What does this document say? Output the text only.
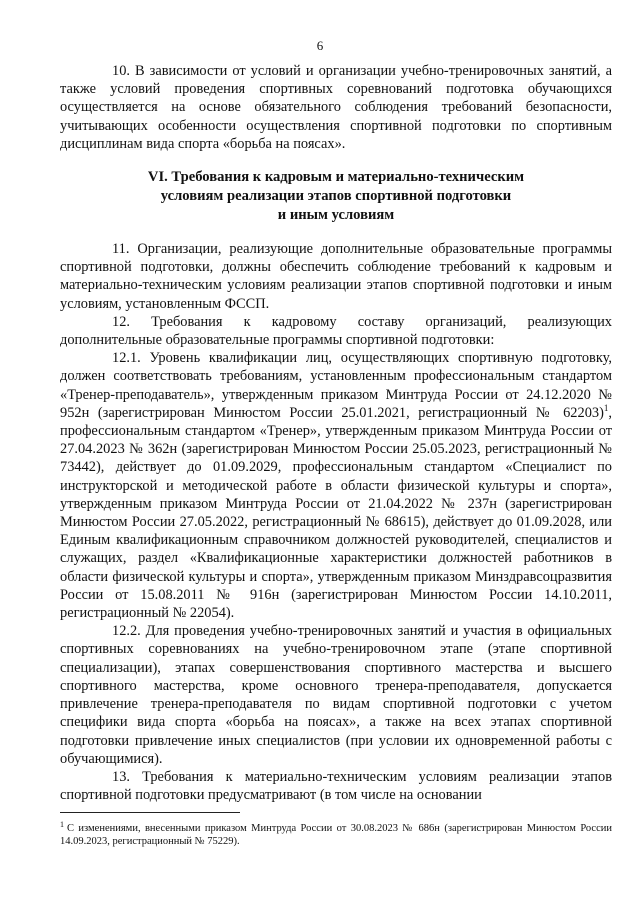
6

10. В зависимости от условий и организации учебно-тренировочных занятий, а также условий проведения спортивных соревнований подготовка обучающихся осуществляется на основе обязательного соблюдения требований безопасности, учитывающих особенности осуществления спортивной подготовки по спортивным дисциплинам вида спорта «борьба на поясах».

VI. Требования к кадровым и материально-техническим
условиям реализации этапов спортивной подготовки
и иным условиям

11. Организации, реализующие дополнительные образовательные программы спортивной подготовки, должны обеспечить соблюдение требований к кадровым и материально-техническим условиям реализации этапов спортивной подготовки и иным условиям, установленным ФССП.

12. Требования к кадровому составу организаций, реализующих дополнительные образовательные программы спортивной подготовки:

12.1. Уровень квалификации лиц, осуществляющих спортивную подготовку, должен соответствовать требованиям, установленным профессиональным стандартом «Тренер-преподаватель», утвержденным приказом Минтруда России от 24.12.2020 № 952н (зарегистрирован Минюстом России 25.01.2021, регистрационный № 62203)$^1$, профессиональным стандартом «Тренер», утвержденным приказом Минтруда России от 27.04.2023 № 362н (зарегистрирован Минюстом России 25.05.2023, регистрационный № 73442), действует до 01.09.2029, профессиональным стандартом «Специалист по инструкторской и методической работе в области физической культуры и спорта», утвержденным приказом Минтруда России от 21.04.2022 № 237н (зарегистрирован Минюстом России 27.05.2022, регистрационный № 68615), действует до 01.09.2028, или Единым квалификационным справочником должностей руководителей, специалистов и служащих, раздел «Квалификационные характеристики должностей работников в области физической культуры и спорта», утвержденным приказом Минздравсоцразвития России от 15.08.2011 № 916н (зарегистрирован Минюстом России 14.10.2011, регистрационный № 22054).

12.2. Для проведения учебно-тренировочных занятий и участия в официальных спортивных соревнованиях на учебно-тренировочном этапе (этапе спортивной специализации), этапах совершенствования спортивного мастерства и высшего спортивного мастерства, кроме основного тренера-преподавателя, допускается привлечение тренера-преподавателя по видам спортивной подготовки с учетом специфики вида спорта «борьба на поясах», а также на всех этапах спортивной подготовки привлечение иных специалистов (при условии их одновременной работы с обучающимися).

13. Требования к материально-техническим условиям реализации этапов спортивной подготовки предусматривают (в том числе на основании

$^1$ С изменениями, внесенными приказом Минтруда России от 30.08.2023 № 686н (зарегистрирован Минюстом России 14.09.2023, регистрационный № 75229).
